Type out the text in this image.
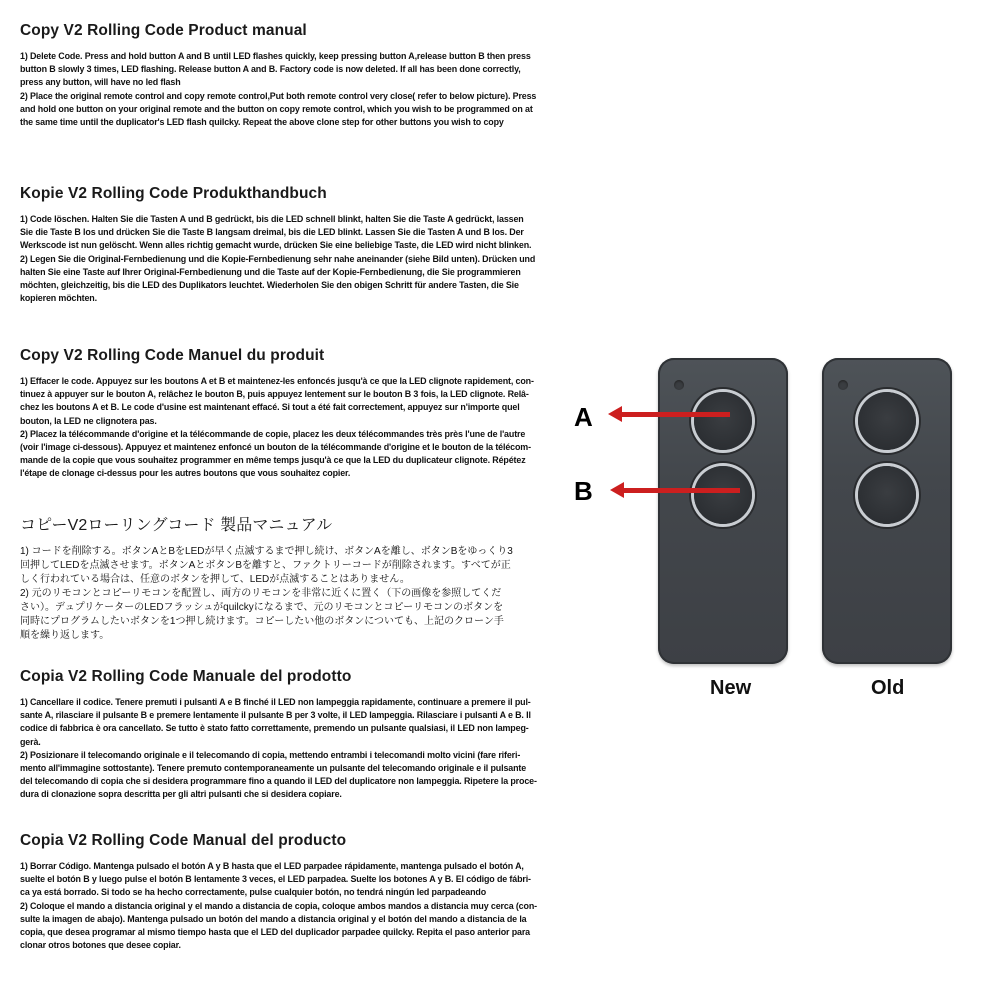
Copy V2 Rolling Code Product manual
1) Delete Code. Press and hold button A and B until LED flashes quickly, keep pressing button A,release button B then press
button B slowly 3 times, LED flashing. Release button A and B. Factory code is now deleted. If all has been done correctly,
press any button, will have no led flash
2) Place the original remote control and copy remote control,Put both remote control very close( refer to below picture). Press
and hold one button on your original remote and the button on copy remote control, which you wish to be programmed on at
the same time until the duplicator's LED flash quilcky. Repeat the above clone step for other buttons you wish to copy
Kopie V2 Rolling Code Produkthandbuch
1) Code löschen. Halten Sie die Tasten A und B gedrückt, bis die LED schnell blinkt, halten Sie die Taste A gedrückt, lassen
Sie die Taste B los und drücken Sie die Taste B langsam dreimal, bis die LED blinkt. Lassen Sie die Tasten A und B los. Der
Werkscode ist nun gelöscht. Wenn alles richtig gemacht wurde, drücken Sie eine beliebige Taste, die LED wird nicht blinken.
2) Legen Sie die Original-Fernbedienung und die Kopie-Fernbedienung sehr nahe aneinander (siehe Bild unten). Drücken und
halten Sie eine Taste auf Ihrer Original-Fernbedienung und die Taste auf der Kopie-Fernbedienung, die Sie programmieren
möchten, gleichzeitig, bis die LED des Duplikators leuchtet. Wiederholen Sie den obigen Schritt für andere Tasten, die Sie
kopieren möchten.
Copy V2 Rolling Code Manuel du produit
1) Effacer le code. Appuyez sur les boutons A et B et maintenez-les enfoncés jusqu'à ce que la LED clignote rapidement, con-
tinuez à appuyer sur le bouton A, relâchez le bouton B, puis appuyez lentement sur le bouton B 3 fois, la LED clignote. Relâ-
chez les boutons A et B. Le code d'usine est maintenant effacé. Si tout a été fait correctement, appuyez sur n'importe quel
bouton, la LED ne clignotera pas.
2) Placez la télécommande d'origine et la télécommande de copie, placez les deux télécommandes très près l'une de l'autre
(voir l'image ci-dessous). Appuyez et maintenez enfoncé un bouton de la télécommande d'origine et le bouton de la télécom-
mande de la copie que vous souhaitez programmer en même temps jusqu'à ce que la LED du duplicateur clignote. Répétez
l'étape de clonage ci-dessus pour les autres boutons que vous souhaitez copier.
コピーV2ローリングコード 製品マニュアル
1) コードを削除する。ボタンAとBをLEDが早く点滅するまで押し続け、ボタンAを離し、ボタンBをゆっくり3
回押してLEDを点滅させます。ボタンAとボタンBを離すと、ファクトリーコードが削除されます。すべてが正
しく行われている場合は、任意のボタンを押して、LEDが点滅することはありません。
2) 元のリモコンとコピーリモコンを配置し、両方のリモコンを非常に近くに置く（下の画像を参照してくだ
さい）。デュプリケーターのLEDフラッシュがquilckyになるまで、元のリモコンとコピーリモコンのボタンを
同時にプログラムしたいボタンを1つ押し続けます。コピーしたい他のボタンについても、上記のクローン手
順を繰り返します。
Copia V2 Rolling Code Manuale del prodotto
1) Cancellare il codice. Tenere premuti i pulsanti A e B finché il LED non lampeggia rapidamente, continuare a premere il pul-
sante A, rilasciare il pulsante B e premere lentamente il pulsante B per 3 volte, il LED lampeggia. Rilasciare i pulsanti A e B. Il
codice di fabbrica è ora cancellato. Se tutto è stato fatto correttamente, premendo un pulsante qualsiasi, il LED non lampeg-
gerà.
2) Posizionare il telecomando originale e il telecomando di copia, mettendo entrambi i telecomandi molto vicini (fare riferi-
mento all'immagine sottostante). Tenere premuto contemporaneamente un pulsante del telecomando originale e il pulsante
del telecomando di copia che si desidera programmare fino a quando il LED del duplicatore non lampeggia. Ripetere la proce-
dura di clonazione sopra descritta per gli altri pulsanti che si desidera copiare.
Copia V2 Rolling Code Manual del producto
1) Borrar Código. Mantenga pulsado el botón A y B hasta que el LED parpadee rápidamente, mantenga pulsado el botón A,
suelte el botón B y luego pulse el botón B lentamente 3 veces, el LED parpadea. Suelte los botones A y B. El código de fábri-
ca ya está borrado. Si todo se ha hecho correctamente, pulse cualquier botón, no tendrá ningún led parpadeando
2) Coloque el mando a distancia original y el mando a distancia de copia, coloque ambos mandos a distancia muy cerca (con-
sulte la imagen de abajo). Mantenga pulsado un botón del mando a distancia original y el botón del mando a distancia de la
copia, que desea programar al mismo tiempo hasta que el LED del duplicador parpadee quilcky. Repita el paso anterior para
clonar otros botones que desee copiar.
A
B
New	Old
